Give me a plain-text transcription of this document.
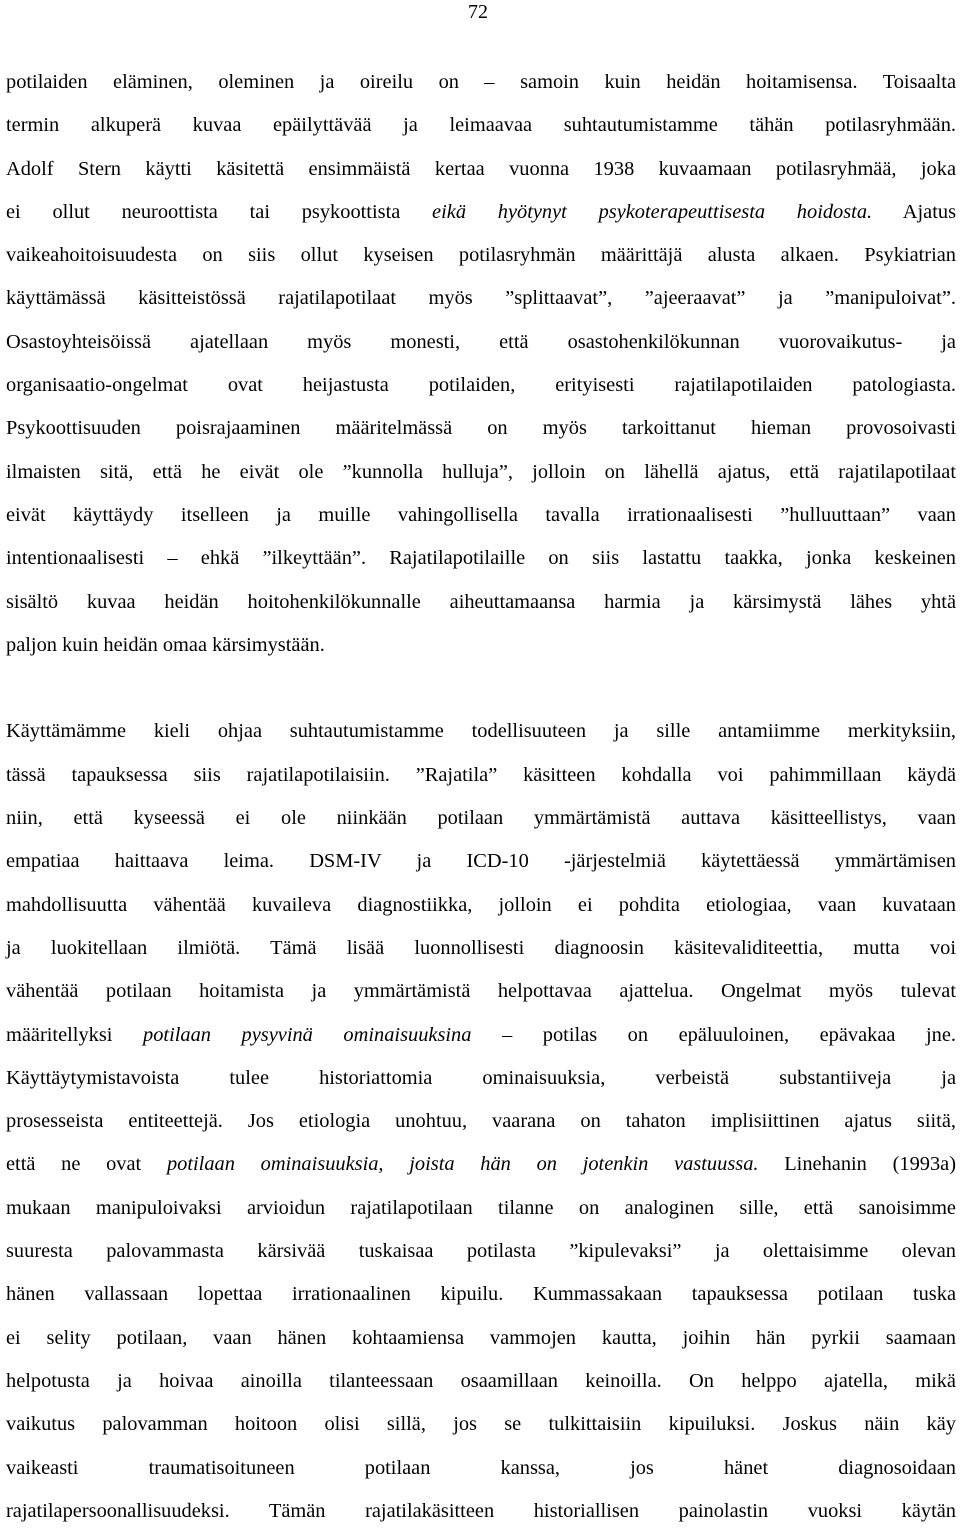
72
potilaiden eläminen, oleminen ja oireilu on – samoin kuin heidän hoitamisensa. Toisaalta
termin alkuperä kuvaa epäilyttävää ja leimaavaa suhtautumistamme tähän potilasryhmään.
Adolf Stern käytti käsitettä ensimmäistä kertaa vuonna 1938 kuvaamaan potilasryhmää, joka
ei ollut neuroottista tai psykoottista eikä hyötynyt psykoterapeuttisesta hoidosta. Ajatus
vaikeahoitoisuudesta on siis ollut kyseisen potilasryhmän määrittäjä alusta alkaen. Psykiatrian
käyttämässä käsitteistössä rajatilapotilaat myös ”splittaavat”, ”ajeeraavat” ja ”manipuloivat”.
Osastoyhteisöissä ajatellaan myös monesti, että osastohenkilökunnan vuorovaikutus- ja
organisaatio-ongelmat ovat heijastusta potilaiden, erityisesti rajatilapotilaiden patologiasta.
Psykoottisuuden poisrajaaminen määritelmässä on myös tarkoittanut hieman provosoivasti
ilmaisten sitä, että he eivät ole ”kunnolla hulluja”, jolloin on lähellä ajatus, että rajatilapotilaat
eivät käyttäydy itselleen ja muille vahingollisella tavalla irrationaalisesti ”hulluuttaan” vaan
intentionaalisesti – ehkä ”ilkeyttään”. Rajatilapotilaille on siis lastattu taakka, jonka keskeinen
sisältö kuvaa heidän hoitohenkilökunnalle aiheuttamaansa harmia ja kärsimystä lähes yhtä
paljon kuin heidän omaa kärsimystään.
Käyttämämme kieli ohjaa suhtautumistamme todellisuuteen ja sille antamiimme merkityksiin,
tässä tapauksessa siis rajatilapotilaisiin. ”Rajatila” käsitteen kohdalla voi pahimmillaan käydä
niin, että kyseessä ei ole niinkään potilaan ymmärtämistä auttava käsitteellistys, vaan
empatiaa haittaava leima. DSM-IV ja ICD-10 -järjestelmiä käytettäessä ymmärtämisen
mahdollisuutta vähentää kuvaileva diagnostiikka, jolloin ei pohdita etiologiaa, vaan kuvataan
ja luokitellaan ilmiötä. Tämä lisää luonnollisesti diagnoosin käsitevaliditeettia, mutta voi
vähentää potilaan hoitamista ja ymmärtämistä helpottavaa ajattelua. Ongelmat myös tulevat
määritellyksi potilaan pysyvinä ominaisuuksina – potilas on epäluuloinen, epävakaa jne.
Käyttäytymistavoista tulee historiattomia ominaisuuksia, verbeistä substantiiveja ja
prosesseista entiteettejä. Jos etiologia unohtuu, vaarana on tahaton implisiittinen ajatus siitä,
että ne ovat potilaan ominaisuuksia, joista hän on jotenkin vastuussa. Linehanin (1993a)
mukaan manipuloivaksi arvioidun rajatilapotilaan tilanne on analoginen sille, että sanoisimme
suuresta palovammasta kärsivää tuskaisaa potilasta ”kipulevaksi” ja olettaisimme olevan
hänen vallassaan lopettaa irrationaalinen kipuilu. Kummassakaan tapauksessa potilaan tuska
ei selity potilaan, vaan hänen kohtaamiensa vammojen kautta, joihin hän pyrkii saamaan
helpotusta ja hoivaa ainoilla tilanteessaan osaamillaan keinoilla. On helppo ajatella, mikä
vaikutus palovamman hoitoon olisi sillä, jos se tulkittaisiin kipuiluksi. Joskus näin käy
vaikeasti traumatisoituneen potilaan kanssa, jos hänet diagnosoidaan
rajatilapersoonallisuudeksi. Tämän rajatilakäsitteen historiallisen painolastin vuoksi käytän
